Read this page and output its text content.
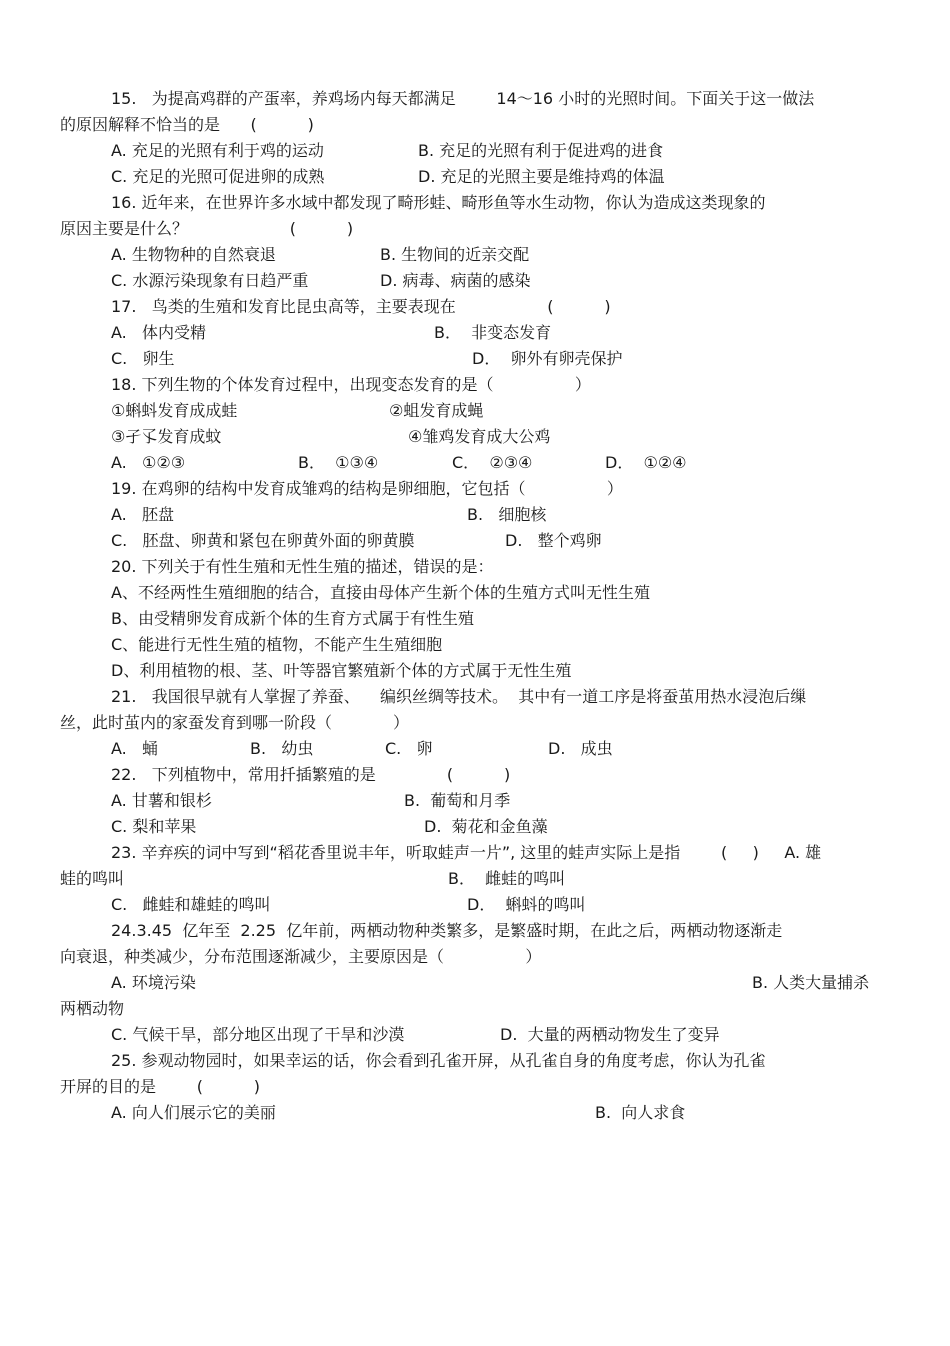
15.   为提高鸡群的产蛋率，养鸡场内每天都满足        14～16 小时的光照时间。下面关于这一做法
的原因解释不恰当的是      (          )
A. 充足的光照有利于鸡的运动	B. 充足的光照有利于促进鸡的进食
C. 充足的光照可促进卵的成熟	D. 充足的光照主要是维持鸡的体温
16. 近年来，在世界许多水域中都发现了畸形蛙、畸形鱼等水生动物，你认为造成这类现象的
原因主要是什么？                    (          )
A. 生物物种的自然衰退	B. 生物间的近亲交配
C. 水源污染现象有日趋严重	D. 病毒、病菌的感染
17.   鸟类的生殖和发育比昆虫高等，主要表现在                  (          )
A.   体内受精	B．  非变态发育
C.   卵生	D．  卵外有卵壳保护
18. 下列生物的个体发育过程中，出现变态发育的是（                ）
①蝌蚪发育成成蛙	②蛆发育成蝇
③孑孓发育成蚊	④雏鸡发育成大公鸡
A.   ①②③	B．  ①③④	C．  ②③④	D．  ①②④
19. 在鸡卵的结构中发育成雏鸡的结构是卵细胞，它包括（                ）
A.   胚盘	B.   细胞核
C.   胚盘、卵黄和紧包在卵黄外面的卵黄膜	D.   整个鸡卵
20. 下列关于有性生殖和无性生殖的描述，错误的是：
A、不经两性生殖细胞的结合，直接由母体产生新个体的生殖方式叫无性生殖
B、由受精卵发育成新个体的生育方式属于有性生殖
C、能进行无性生殖的植物，不能产生生殖细胞
D、利用植物的根、茎、叶等器官繁殖新个体的方式属于无性生殖
21.   我国很早就有人掌握了养蚕、    编织丝绸等技术。  其中有一道工序是将蚕茧用热水浸泡后缫
丝，此时茧内的家蚕发育到哪一阶段（            ）
A.   蛹	B.   幼虫	C.   卵	D.   成虫
22.   下列植物中，常用扦插繁殖的是              (          )
A. 甘薯和银杉	B.  葡萄和月季
C. 梨和苹果	D.  菊花和金鱼藻
23. 辛弃疾的词中写到“稻花香里说丰年，听取蛙声一片”, 这里的蛙声实际上是指        (     )     A. 雄
蛙的鸣叫	B．  雌蛙的鸣叫
C.   雌蛙和雄蛙的鸣叫	D．  蝌蚪的鸣叫
24.3.45  亿年至  2.25  亿年前，两栖动物种类繁多，是繁盛时期，在此之后，两栖动物逐渐走
向衰退，种类减少，分布范围逐渐减少，主要原因是（                ）
A. 环境污染	B. 人类大量捕杀
两栖动物
C. 气候干旱，部分地区出现了干旱和沙漠	D.  大量的两栖动物发生了变异
25. 参观动物园时，如果幸运的话，你会看到孔雀开屏，从孔雀自身的角度考虑，你认为孔雀
开屏的目的是        (          )
A. 向人们展示它的美丽	B.  向人求食
